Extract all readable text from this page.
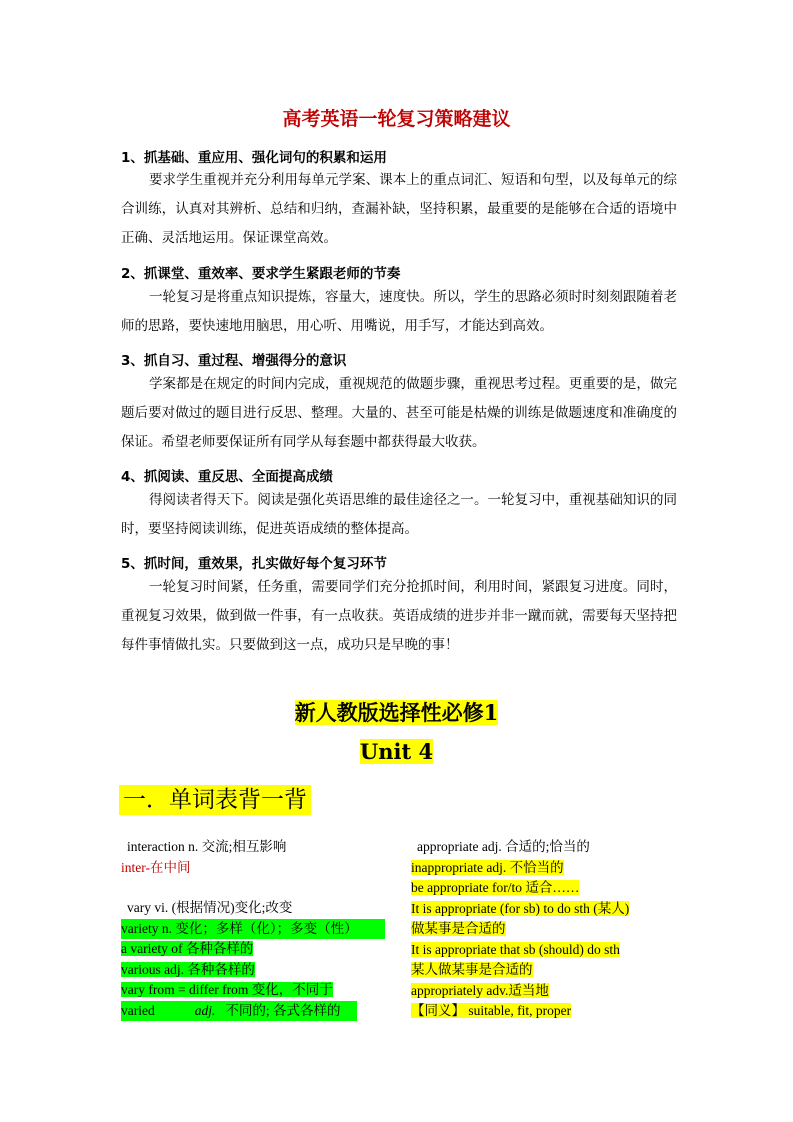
高考英语一轮复习策略建议
1、抓基础、重应用、强化词句的积累和运用
要求学生重视并充分利用每单元学案、课本上的重点词汇、短语和句型，以及每单元的综合训练，认真对其辨析、总结和归纳，查漏补缺，坚持积累，最重要的是能够在合适的语境中正确、灵活地运用。保证课堂高效。
2、抓课堂、重效率、要求学生紧跟老师的节奏
一轮复习是将重点知识提炼，容量大，速度快。所以，学生的思路必须时时刻刻跟随着老师的思路，要快速地用脑思，用心听、用嘴说，用手写，才能达到高效。
3、抓自习、重过程、增强得分的意识
学案都是在规定的时间内完成，重视规范的做题步骤，重视思考过程。更重要的是，做完题后要对做过的题目进行反思、整理。大量的、甚至可能是枯燥的训练是做题速度和准确度的保证。希望老师要保证所有同学从每套题中都获得最大收获。
4、抓阅读、重反思、全面提高成绩
得阅读者得天下。阅读是强化英语思维的最佳途径之一。一轮复习中，重视基础知识的同时，要坚持阅读训练，促进英语成绩的整体提高。
5、抓时间，重效果，扎实做好每个复习环节
一轮复习时间紧，任务重，需要同学们充分抢抓时间，利用时间，紧跟复习进度。同时，重视复习效果，做到做一件事，有一点收获。英语成绩的进步并非一蹴而就，需要每天坚持把每件事情做扎实。只要做到这一点，成功只是早晚的事！
新人教版选择性必修1
Unit 4
一．单词表背一背
interaction n. 交流;相互影响
inter-在中间
vary vi. (根据情况)变化;改变
variety n. 变化；多样（化）；多变（性）
a variety of 各种各样的
various adj. 各种各样的
vary from = differ from 变化，不同于
varied	adj. 不同的; 各式各样的
appropriate adj. 合适的;恰当的
inappropriate adj. 不恰当的
be appropriate for/to 适合……
It is appropriate (for sb) to do sth (某人)
做某事是合适的
It is appropriate that sb (should) do sth
某人做某事是合适的
appropriately adv.适当地
【同义】 suitable, fit, proper
